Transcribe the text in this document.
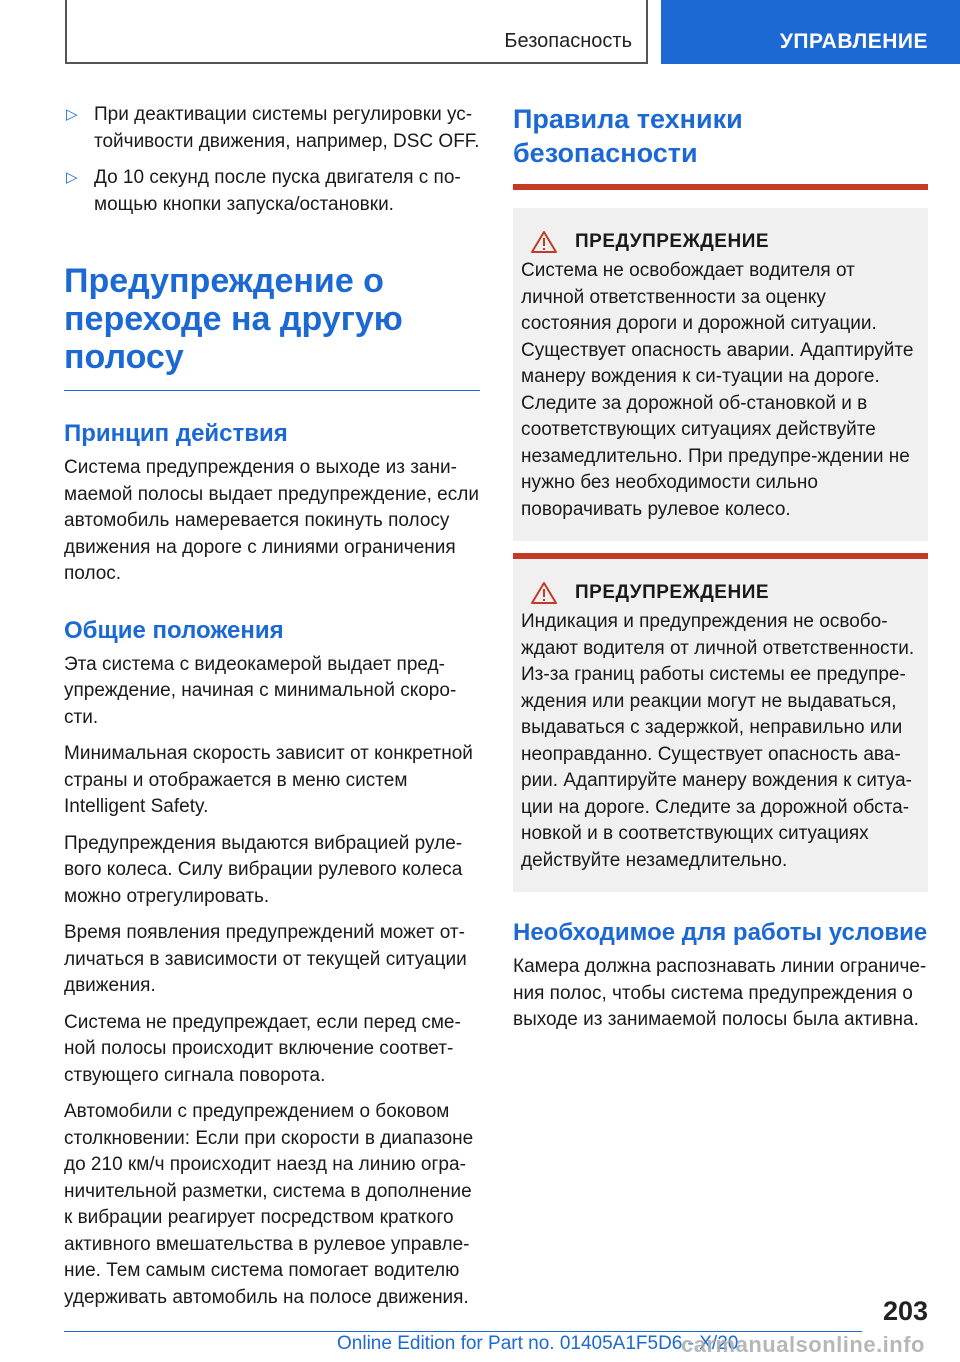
Безопасность	УПРАВЛЕНИЕ
▷ При деактивации системы регулировки ус-тойчивости движения, например, DSC OFF.
▷ До 10 секунд после пуска двигателя с по-мощью кнопки запуска/остановки.
Предупреждение о переходе на другую полосу
Принцип действия

Система предупреждения о выходе из зани-маемой полосы выдает предупреждение, если автомобиль намеревается покинуть полосу движения на дороге с линиями ограничения полос.

Общие положения

Эта система с видеокамерой выдает пред-упреждение, начиная с минимальной скоро-сти.

Минимальная скорость зависит от конкретной страны и отображается в меню систем Intelligent Safety.

Предупреждения выдаются вибрацией руле-вого колеса. Силу вибрации рулевого колеса можно отрегулировать.

Время появления предупреждений может от-личаться в зависимости от текущей ситуации движения.

Система не предупреждает, если перед сме-ной полосы происходит включение соответ-ствующего сигнала поворота.

Автомобили с предупреждением о боковом столкновении: Если при скорости в диапазоне до 210 км/ч происходит наезд на линию огра-ничительной разметки, система в дополнение к вибрации реагирует посредством краткого активного вмешательства в рулевое управле-ние. Тем самым система помогает водителю удерживать автомобиль на полосе движения.

Правила техники безопасности
ПРЕДУПРЕЖДЕНИЕ

Система не освобождает водителя от личной ответственности за оценку состояния дороги и дорожной ситуации. Существует опасность аварии. Адаптируйте манеру вождения к си-туации на дороге. Следите за дорожной об-становкой и в соответствующих ситуациях действуйте незамедлительно. При предупре-ждении не нужно без необходимости сильно поворачивать рулевое колесо.

ПРЕДУПРЕЖДЕНИЕ

Индикация и предупреждения не освобо-ждают водителя от личной ответственности. Из-за границ работы системы ее предупре-ждения или реакции могут не выдаваться, выдаваться с задержкой, неправильно или неоправданно. Существует опасность ава-рии. Адаптируйте манеру вождения к ситуа-ции на дороге. Следите за дорожной обста-новкой и в соответствующих ситуациях действуйте незамедлительно.

Необходимое для работы условие

Камера должна распознавать линии ограниче-ния полос, чтобы система предупреждения о выходе из занимаемой полосы была активна.

203
Online Edition for Part no. 01405A1F5D6 - X/20
carmanualsonline.info
